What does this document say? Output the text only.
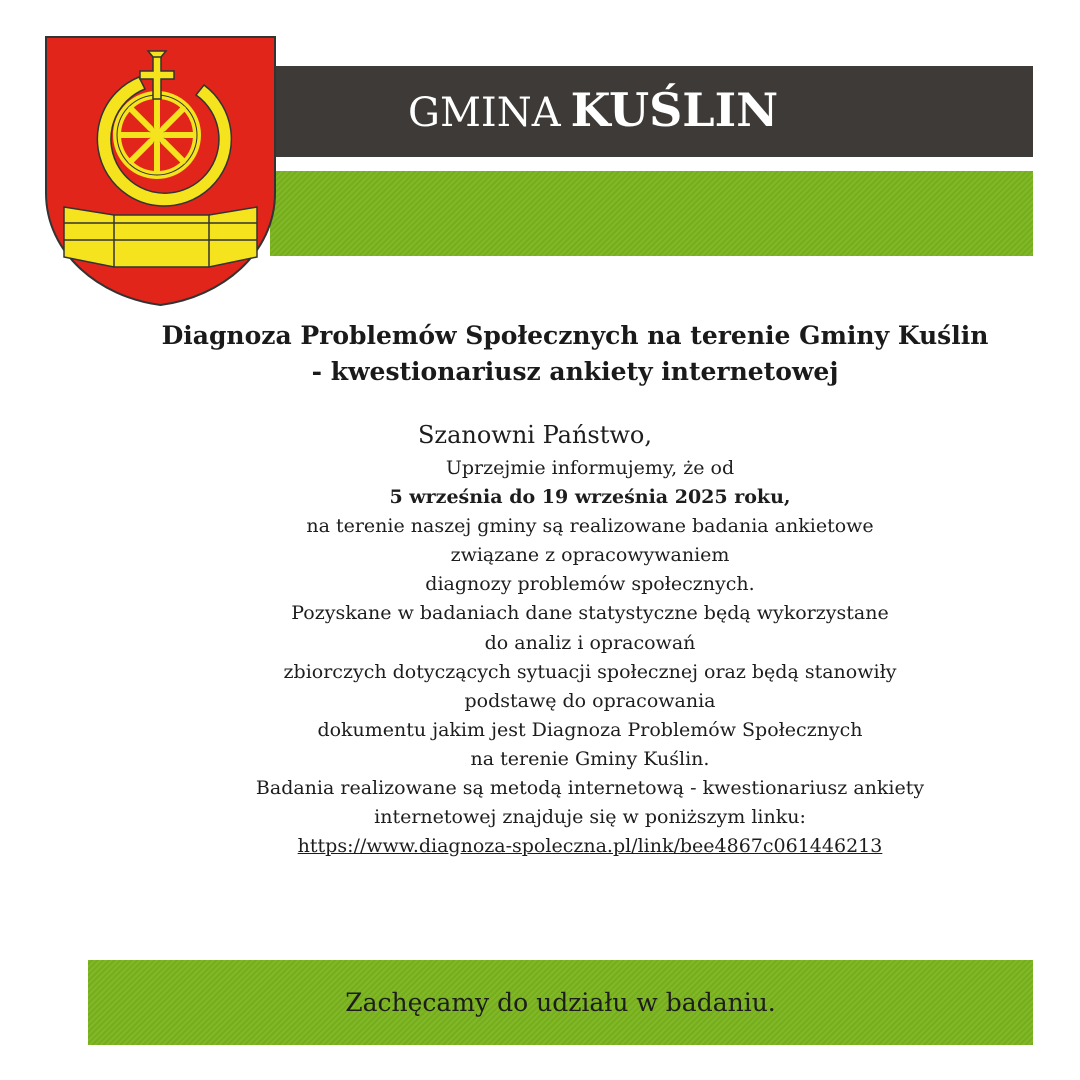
GMINA KUŚLIN
Diagnoza Problemów Społecznych na terenie Gminy Kuślin
- kwestionariusz ankiety internetowej
Szanowni Państwo,
Uprzejmie informujemy, że od
5 września do 19 września 2025 roku,
na terenie naszej gminy są realizowane badania ankietowe
związane z opracowywaniem
diagnozy problemów społecznych.
Pozyskane w badaniach dane statystyczne będą wykorzystane
do analiz i opracowań
zbiorczych dotyczących sytuacji społecznej oraz będą stanowiły
podstawę do opracowania
dokumentu jakim jest Diagnoza Problemów Społecznych
na terenie Gminy Kuślin.
Badania realizowane są metodą internetową - kwestionariusz ankiety
internetowej znajduje się w poniższym linku:
https://www.diagnoza-spoleczna.pl/link/bee4867c061446213
Zachęcamy do udziału w badaniu.
